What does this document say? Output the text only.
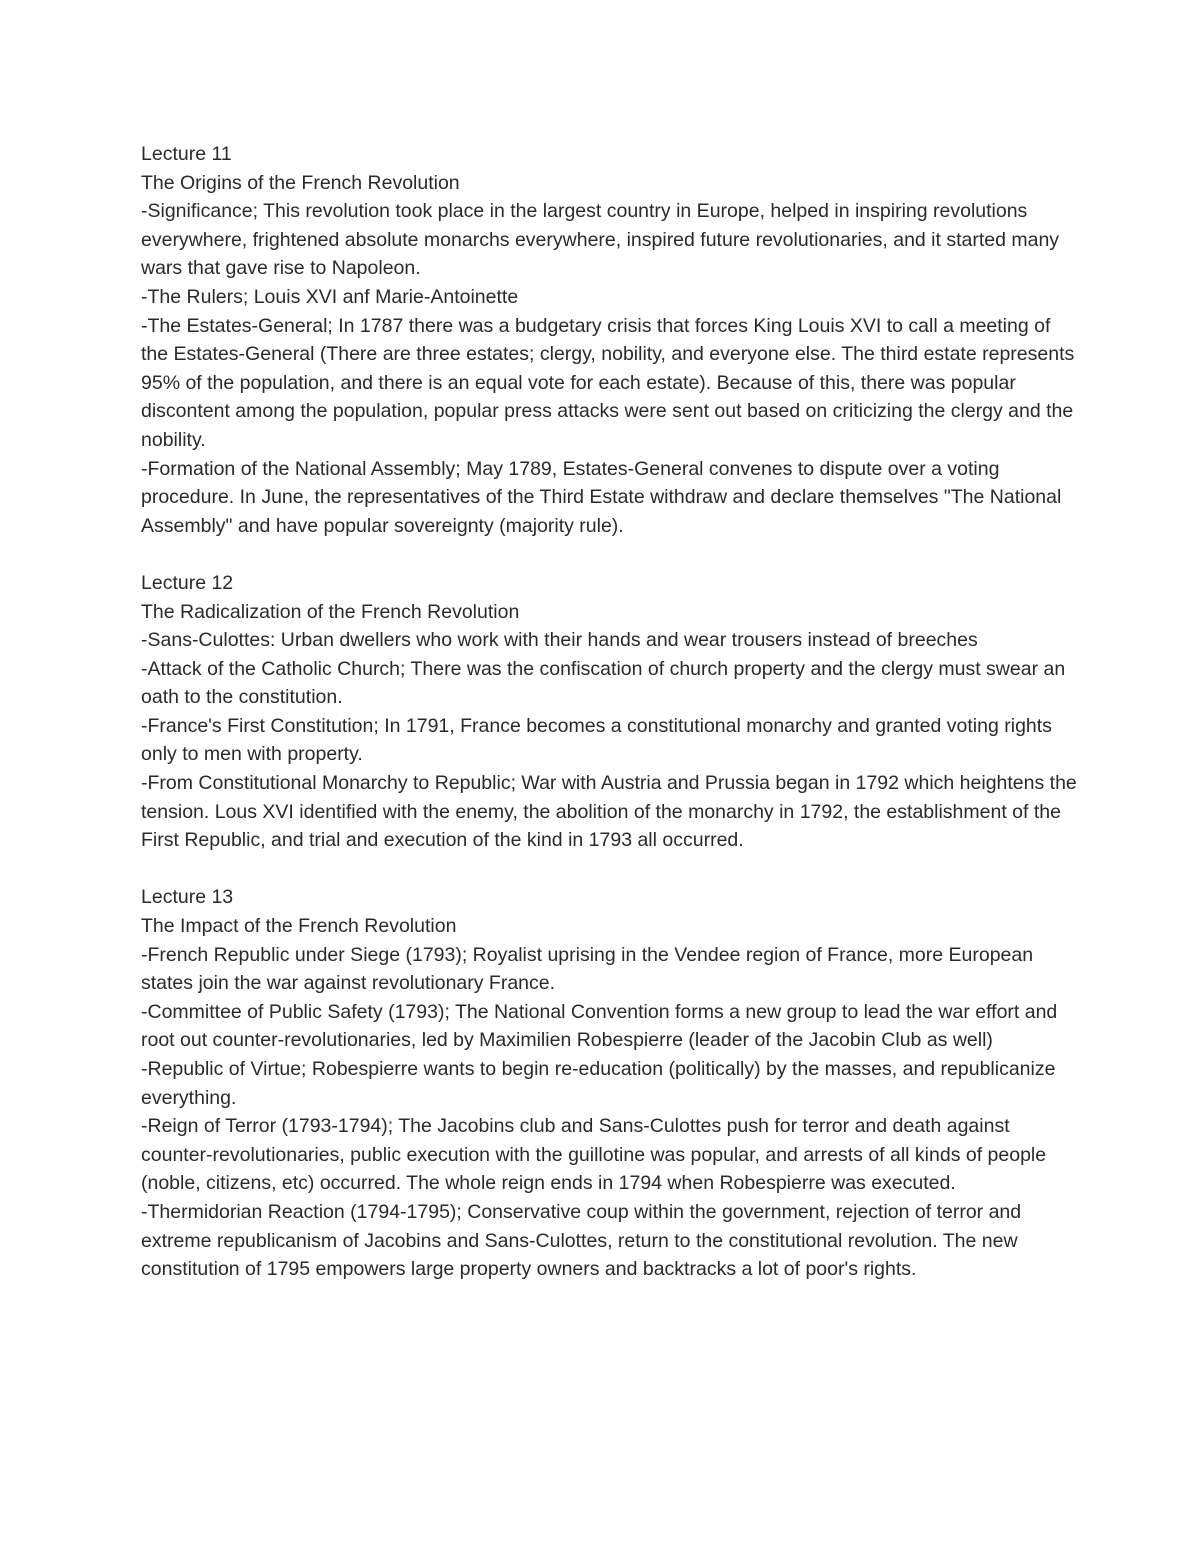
Lecture 11

The Origins of the French Revolution

-Significance; This revolution took place in the largest country in Europe, helped in inspiring revolutions everywhere, frightened absolute monarchs everywhere, inspired future revolutionaries, and it started many wars that gave rise to Napoleon.

-The Rulers; Louis XVI anf Marie-Antoinette

-The Estates-General; In 1787 there was a budgetary crisis that forces King Louis XVI to call a meeting of the Estates-General (There are three estates; clergy, nobility, and everyone else. The third estate represents 95% of the population, and there is an equal vote for each estate). Because of this, there was popular discontent among the population, popular press attacks were sent out based on criticizing the clergy and the nobility.

-Formation of the National Assembly; May 1789, Estates-General convenes to dispute over a voting procedure. In June, the representatives of the Third Estate withdraw and declare themselves "The National Assembly" and have popular sovereignty (majority rule).

Lecture 12

The Radicalization of the French Revolution

-Sans-Culottes: Urban dwellers who work with their hands and wear trousers instead of breeches

-Attack of the Catholic Church; There was the confiscation of church property and the clergy must swear an oath to the constitution.

-France's First Constitution; In 1791, France becomes a constitutional monarchy and granted voting rights only to men with property.

-From Constitutional Monarchy to Republic; War with Austria and Prussia began in 1792 which heightens the tension. Lous XVI identified with the enemy, the abolition of the monarchy in 1792, the establishment of the First Republic, and trial and execution of the kind in 1793 all occurred.

Lecture 13

The Impact of the French Revolution

-French Republic under Siege (1793); Royalist uprising in the Vendee region of France, more European states join the war against revolutionary France.

-Committee of Public Safety (1793); The National Convention forms a new group to lead the war effort and root out counter-revolutionaries, led by Maximilien Robespierre (leader of the Jacobin Club as well)

-Republic of Virtue; Robespierre wants to begin re-education (politically) by the masses, and republicanize everything.

-Reign of Terror (1793-1794); The Jacobins club and Sans-Culottes push for terror and death against counter-revolutionaries, public execution with the guillotine was popular, and arrests of all kinds of people (noble, citizens, etc) occurred. The whole reign ends in 1794 when Robespierre was executed.

-Thermidorian Reaction (1794-1795); Conservative coup within the government, rejection of terror and extreme republicanism of Jacobins and Sans-Culottes, return to the constitutional revolution. The new constitution of 1795 empowers large property owners and backtracks a lot of poor's rights.
